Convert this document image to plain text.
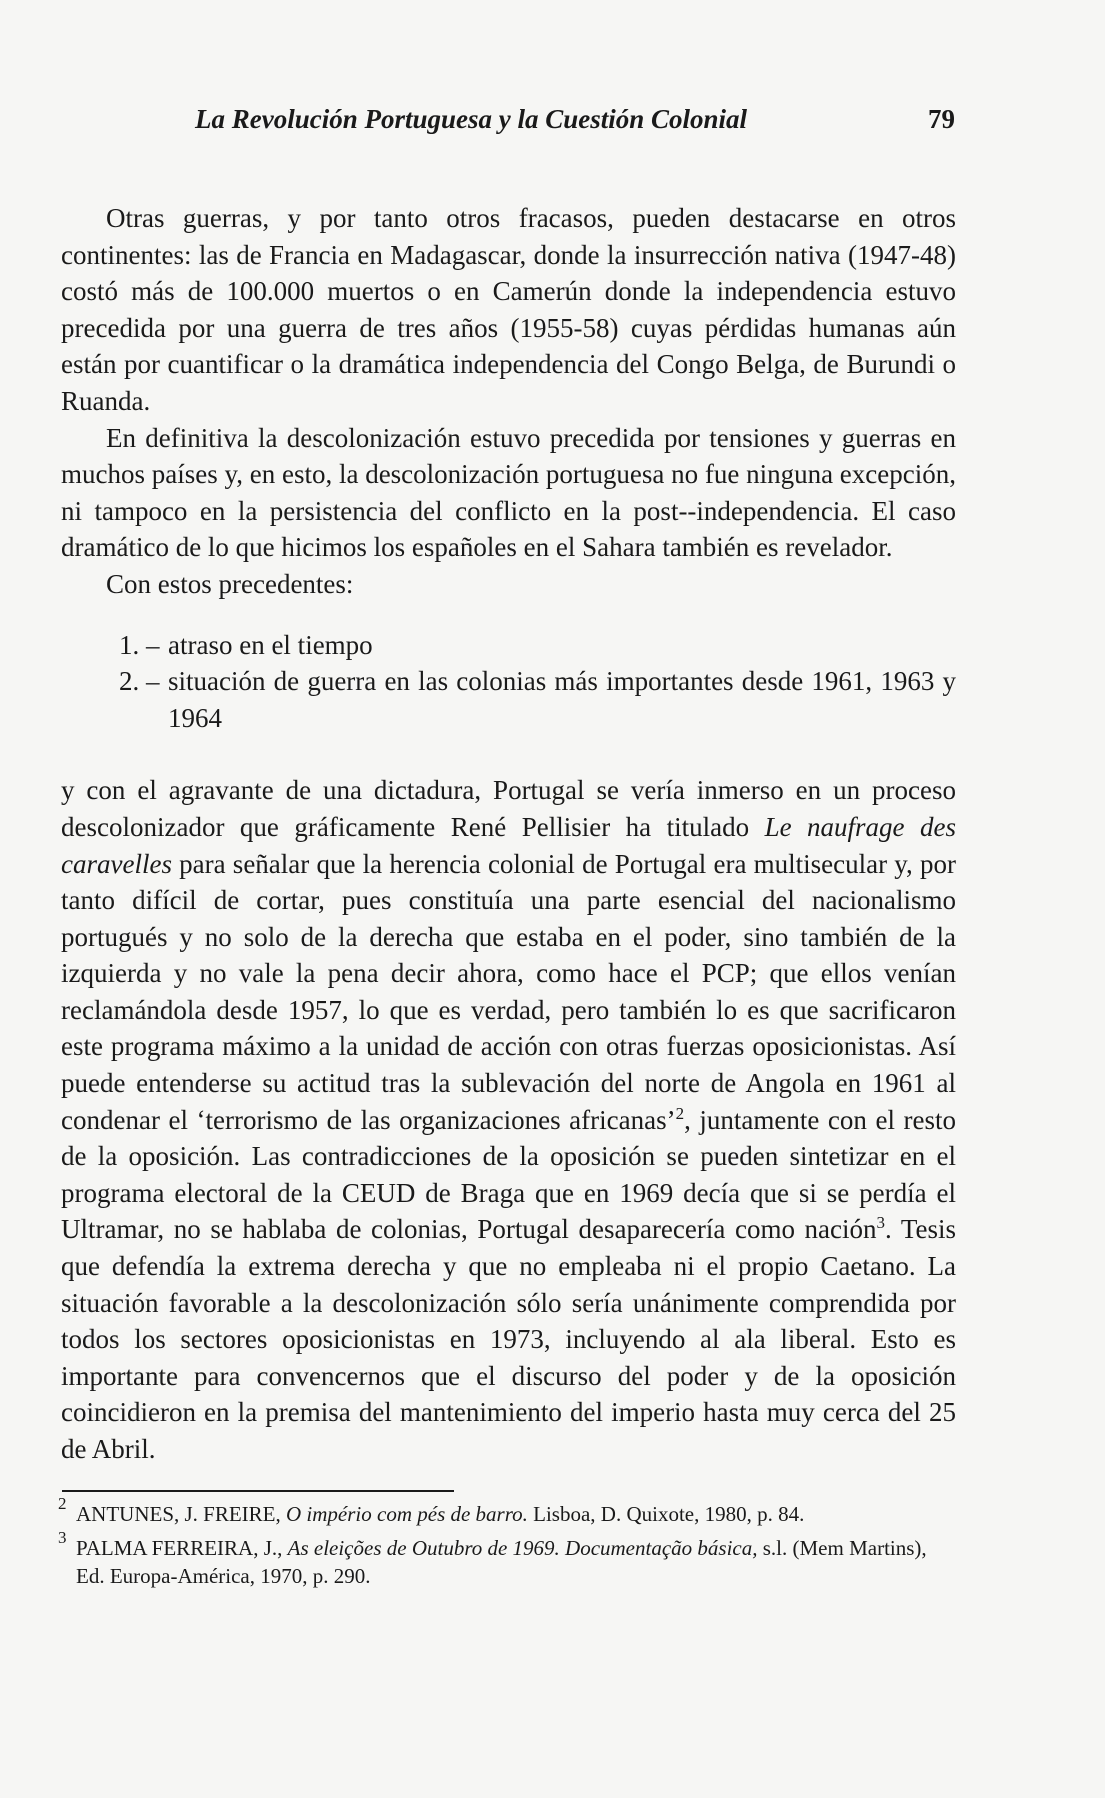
La Revolución Portuguesa y la Cuestión Colonial	79

Otras guerras, y por tanto otros fracasos, pueden destacarse en otros continentes: las de Francia en Madagascar, donde la insurrección nativa (1947-48) costó más de 100.000 muertos o en Camerún donde la independencia estuvo precedida por una guerra de tres años (1955-58) cuyas pérdidas humanas aún están por cuantificar o la dramática independencia del Congo Belga, de Burundi o Ruanda.

En definitiva la descolonización estuvo precedida por tensiones y guerras en muchos países y, en esto, la descolonización portuguesa no fue ninguna excepción, ni tampoco en la persistencia del conflicto en la post--independencia. El caso dramático de lo que hicimos los españoles en el Sahara también es revelador.

Con estos precedentes:

1. – atraso en el tiempo
2. – situación de guerra en las colonias más importantes desde 1961, 1963 y 1964

y con el agravante de una dictadura, Portugal se vería inmerso en un proceso descolonizador que gráficamente René Pellisier ha titulado Le naufrage des caravelles para señalar que la herencia colonial de Portugal era multisecular y, por tanto difícil de cortar, pues constituía una parte esencial del nacionalismo portugués y no solo de la derecha que estaba en el poder, sino también de la izquierda y no vale la pena decir ahora, como hace el PCP; que ellos venían reclamándola desde 1957, lo que es verdad, pero también lo es que sacrificaron este programa máximo a la unidad de acción con otras fuerzas oposicionistas. Así puede entenderse su actitud tras la sublevación del norte de Angola en 1961 al condenar el ‘terrorismo de las organizaciones africanas’$^2$, juntamente con el resto de la oposición. Las contradicciones de la oposición se pueden sintetizar en el programa electoral de la CEUD de Braga que en 1969 decía que si se perdía el Ultramar, no se hablaba de colonias, Portugal desaparecería como nación$^3$. Tesis que defendía la extrema derecha y que no empleaba ni el propio Caetano. La situación favorable a la descolonización sólo sería unánimente comprendida por todos los sectores oposicionistas en 1973, incluyendo al ala liberal. Esto es importante para convencernos que el discurso del poder y de la oposición coincidieron en la premisa del mantenimiento del imperio hasta muy cerca del 25 de Abril.

2 ANTUNES, J. FREIRE, O império com pés de barro. Lisboa, D. Quixote, 1980, p. 84.
3 PALMA FERREIRA, J., As eleições de Outubro de 1969. Documentação básica, s.l. (Mem Martins), Ed. Europa-América, 1970, p. 290.
